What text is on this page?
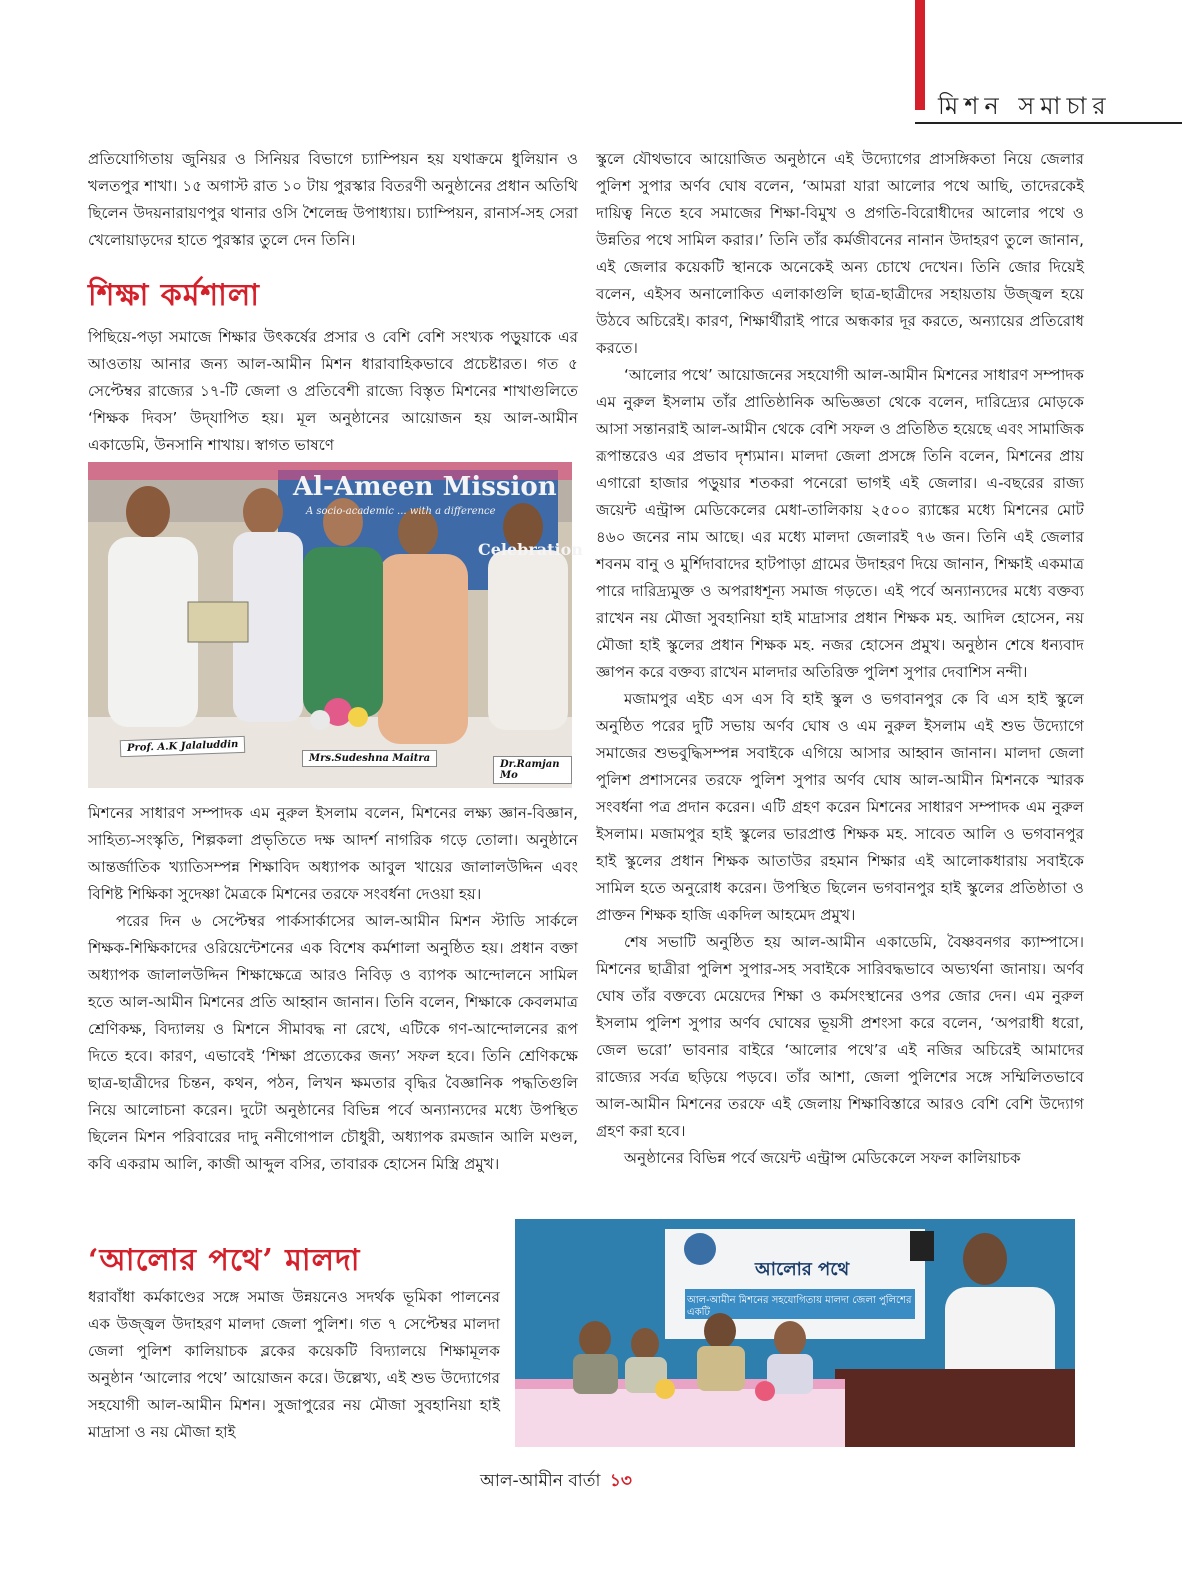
মিশন সমাচার

প্রতিযোগিতায় জুনিয়র ও সিনিয়র বিভাগে চ্যাম্পিয়ন হয় যথাক্রমে ধুলিয়ান ও খলতপুর শাখা। ১৫ অগাস্ট রাত ১০ টায় পুরস্কার বিতরণী অনুষ্ঠানের প্রধান অতিথি ছিলেন উদয়নারায়ণপুর থানার ওসি শৈলেন্দ্র উপাধ্যায়। চ্যাম্পিয়ন, রানার্স-সহ সেরা খেলোয়াড়দের হাতে পুরস্কার তুলে দেন তিনি।

শিক্ষা কর্মশালা

পিছিয়ে-পড়া সমাজে শিক্ষার উৎকর্ষের প্রসার ও বেশি বেশি সংখ্যক পড়ুয়াকে এর আওতায় আনার জন্য আল-আমীন মিশন ধারাবাহিকভাবে প্রচেষ্টারত। গত ৫ সেপ্টেম্বর রাজ্যের ১৭-টি জেলা ও প্রতিবেশী রাজ্যে বিস্তৃত মিশনের শাখাগুলিতে ‘শিক্ষক দিবস’ উদ্‌যাপিত হয়। মূল অনুষ্ঠানের আয়োজন হয় আল-আমীন একাডেমি, উনসানি শাখায়। স্বাগত ভাষণে

Al-Ameen Mission
A socio-academic ... with a difference
Celebration
Prof. A.K Jalaluddin
Mrs.Sudeshna Maitra
Dr.Ramjan Mo

মিশনের সাধারণ সম্পাদক এম নুরুল ইসলাম বলেন, মিশনের লক্ষ্য জ্ঞান-বিজ্ঞান, সাহিত্য-সংস্কৃতি, শিল্পকলা প্রভৃতিতে দক্ষ আদর্শ নাগরিক গড়ে তোলা। অনুষ্ঠানে আন্তর্জাতিক খ্যাতিসম্পন্ন শিক্ষাবিদ অধ্যাপক আবুল খায়ের জালালউদ্দিন এবং বিশিষ্ট শিক্ষিকা সুদেষ্ণা মৈত্রকে মিশনের তরফে সংবর্ধনা দেওয়া হয়।

পরের দিন ৬ সেপ্টেম্বর পার্কসার্কাসের আল-আমীন মিশন স্টাডি সার্কলে শিক্ষক-শিক্ষিকাদের ওরিয়েন্টেশনের এক বিশেষ কর্মশালা অনুষ্ঠিত হয়। প্রধান বক্তা অধ্যাপক জালালউদ্দিন শিক্ষাক্ষেত্রে আরও নিবিড় ও ব্যাপক আন্দোলনে সামিল হতে আল-আমীন মিশনের প্রতি আহ্বান জানান। তিনি বলেন, শিক্ষাকে কেবলমাত্র শ্রেণিকক্ষ, বিদ্যালয় ও মিশনে সীমাবদ্ধ না রেখে, এটিকে গণ-আন্দোলনের রূপ দিতে হবে। কারণ, এভাবেই ‘শিক্ষা প্রত্যেকের জন্য’ সফল হবে। তিনি শ্রেণিকক্ষে ছাত্র-ছাত্রীদের চিন্তন, কথন, পঠন, লিখন ক্ষমতার বৃদ্ধির বৈজ্ঞানিক পদ্ধতিগুলি নিয়ে আলোচনা করেন। দুটো অনুষ্ঠানের বিভিন্ন পর্বে অন্যান্যদের মধ্যে উপস্থিত ছিলেন মিশন পরিবারের দাদু ননীগোপাল চৌধুরী, অধ্যাপক রমজান আলি মণ্ডল, কবি একরাম আলি, কাজী আব্দুল বসির, তাবারক হোসেন মিস্ত্রি প্রমুখ।

‘আলোর পথে’ মালদা

ধরাবাঁধা কর্মকাণ্ডের সঙ্গে সমাজ উন্নয়নেও সদর্থক ভূমিকা পালনের এক উজ্জ্বল উদাহরণ মালদা জেলা পুলিশ। গত ৭ সেপ্টেম্বর মালদা জেলা পুলিশ কালিয়াচক ব্লকের কয়েকটি বিদ্যালয়ে শিক্ষামূলক অনুষ্ঠান ‘আলোর পথে’ আয়োজন করে। উল্লেখ্য, এই শুভ উদ্যোগের সহযোগী আল-আমীন মিশন। সুজাপুরের নয় মৌজা সুবহানিয়া হাই মাদ্রাসা ও নয় মৌজা হাই

আলোর পথে
আল-আমীন মিশনের সহযোগিতায় মালদা জেলা পুলিশের একটি

স্কুলে যৌথভাবে আয়োজিত অনুষ্ঠানে এই উদ্যোগের প্রাসঙ্গিকতা নিয়ে জেলার পুলিশ সুপার অর্ণব ঘোষ বলেন, ‘আমরা যারা আলোর পথে আছি, তাদেরকেই দায়িত্ব নিতে হবে সমাজের শিক্ষা-বিমুখ ও প্রগতি-বিরোধীদের আলোর পথে ও উন্নতির পথে সামিল করার।’ তিনি তাঁর কর্মজীবনের নানান উদাহরণ তুলে জানান, এই জেলার কয়েকটি স্থানকে অনেকেই অন্য চোখে দেখেন। তিনি জোর দিয়েই বলেন, এইসব অনালোকিত এলাকাগুলি ছাত্র-ছাত্রীদের সহায়তায় উজ্জ্বল হয়ে উঠবে অচিরেই। কারণ, শিক্ষার্থীরাই পারে অন্ধকার দূর করতে, অন্যায়ের প্রতিরোধ করতে।

‘আলোর পথে’ আয়োজনের সহযোগী আল-আমীন মিশনের সাধারণ সম্পাদক এম নুরুল ইসলাম তাঁর প্রাতিষ্ঠানিক অভিজ্ঞতা থেকে বলেন, দারিদ্র্যের মোড়কে আসা সন্তানরাই আল-আমীন থেকে বেশি সফল ও প্রতিষ্ঠিত হয়েছে এবং সামাজিক রূপান্তরেও এর প্রভাব দৃশ্যমান। মালদা জেলা প্রসঙ্গে তিনি বলেন, মিশনের প্রায় এগারো হাজার পড়ুয়ার শতকরা পনেরো ভাগই এই জেলার। এ-বছরের রাজ্য জয়েন্ট এন্ট্রান্স মেডিকেলের মেধা-তালিকায় ২৫০০ র‍্যাঙ্কের মধ্যে মিশনের মোট ৪৬০ জনের নাম আছে। এর মধ্যে মালদা জেলারই ৭৬ জন। তিনি এই জেলার শবনম বানু ও মুর্শিদাবাদের হাটপাড়া গ্রামের উদাহরণ দিয়ে জানান, শিক্ষাই একমাত্র পারে দারিদ্র্যমুক্ত ও অপরাধশূন্য সমাজ গড়তে। এই পর্বে অন্যান্যদের মধ্যে বক্তব্য রাখেন নয় মৌজা সুবহানিয়া হাই মাদ্রাসার প্রধান শিক্ষক মহ. আদিল হোসেন, নয় মৌজা হাই স্কুলের প্রধান শিক্ষক মহ. নজর হোসেন প্রমুখ। অনুষ্ঠান শেষে ধন্যবাদ জ্ঞাপন করে বক্তব্য রাখেন মালদার অতিরিক্ত পুলিশ সুপার দেবাশিস নন্দী।

মজামপুর এইচ এস এস বি হাই স্কুল ও ভগবানপুর কে বি এস হাই স্কুলে অনুষ্ঠিত পরের দুটি সভায় অর্ণব ঘোষ ও এম নুরুল ইসলাম এই শুভ উদ্যোগে সমাজের শুভবুদ্ধিসম্পন্ন সবাইকে এগিয়ে আসার আহ্বান জানান। মালদা জেলা পুলিশ প্রশাসনের তরফে পুলিশ সুপার অর্ণব ঘোষ আল-আমীন মিশনকে স্মারক সংবর্ধনা পত্র প্রদান করেন। এটি গ্রহণ করেন মিশনের সাধারণ সম্পাদক এম নুরুল ইসলাম। মজামপুর হাই স্কুলের ভারপ্রাপ্ত শিক্ষক মহ. সাবেত আলি ও ভগবানপুর হাই স্কুলের প্রধান শিক্ষক আতাউর রহমান শিক্ষার এই আলোকধারায় সবাইকে সামিল হতে অনুরোধ করেন। উপস্থিত ছিলেন ভগবানপুর হাই স্কুলের প্রতিষ্ঠাতা ও প্রাক্তন শিক্ষক হাজি একদিল আহমেদ প্রমুখ।

শেষ সভাটি অনুষ্ঠিত হয় আল-আমীন একাডেমি, বৈষ্ণবনগর ক্যাম্পাসে। মিশনের ছাত্রীরা পুলিশ সুপার-সহ সবাইকে সারিবদ্ধভাবে অভ্যর্থনা জানায়। অর্ণব ঘোষ তাঁর বক্তব্যে মেয়েদের শিক্ষা ও কর্মসংস্থানের ওপর জোর দেন। এম নুরুল ইসলাম পুলিশ সুপার অর্ণব ঘোষের ভূয়সী প্রশংসা করে বলেন, ‘অপরাধী ধরো, জেল ভরো’ ভাবনার বাইরে ‘আলোর পথে’র এই নজির অচিরেই আমাদের রাজ্যের সর্বত্র ছড়িয়ে পড়বে। তাঁর আশা, জেলা পুলিশের সঙ্গে সম্মিলিতভাবে আল-আমীন মিশনের তরফে এই জেলায় শিক্ষাবিস্তারে আরও বেশি বেশি উদ্যোগ গ্রহণ করা হবে।

অনুষ্ঠানের বিভিন্ন পর্বে জয়েন্ট এন্ট্রান্স মেডিকেলে সফল কালিয়াচক

আল-আমীন বার্তা ১৩
